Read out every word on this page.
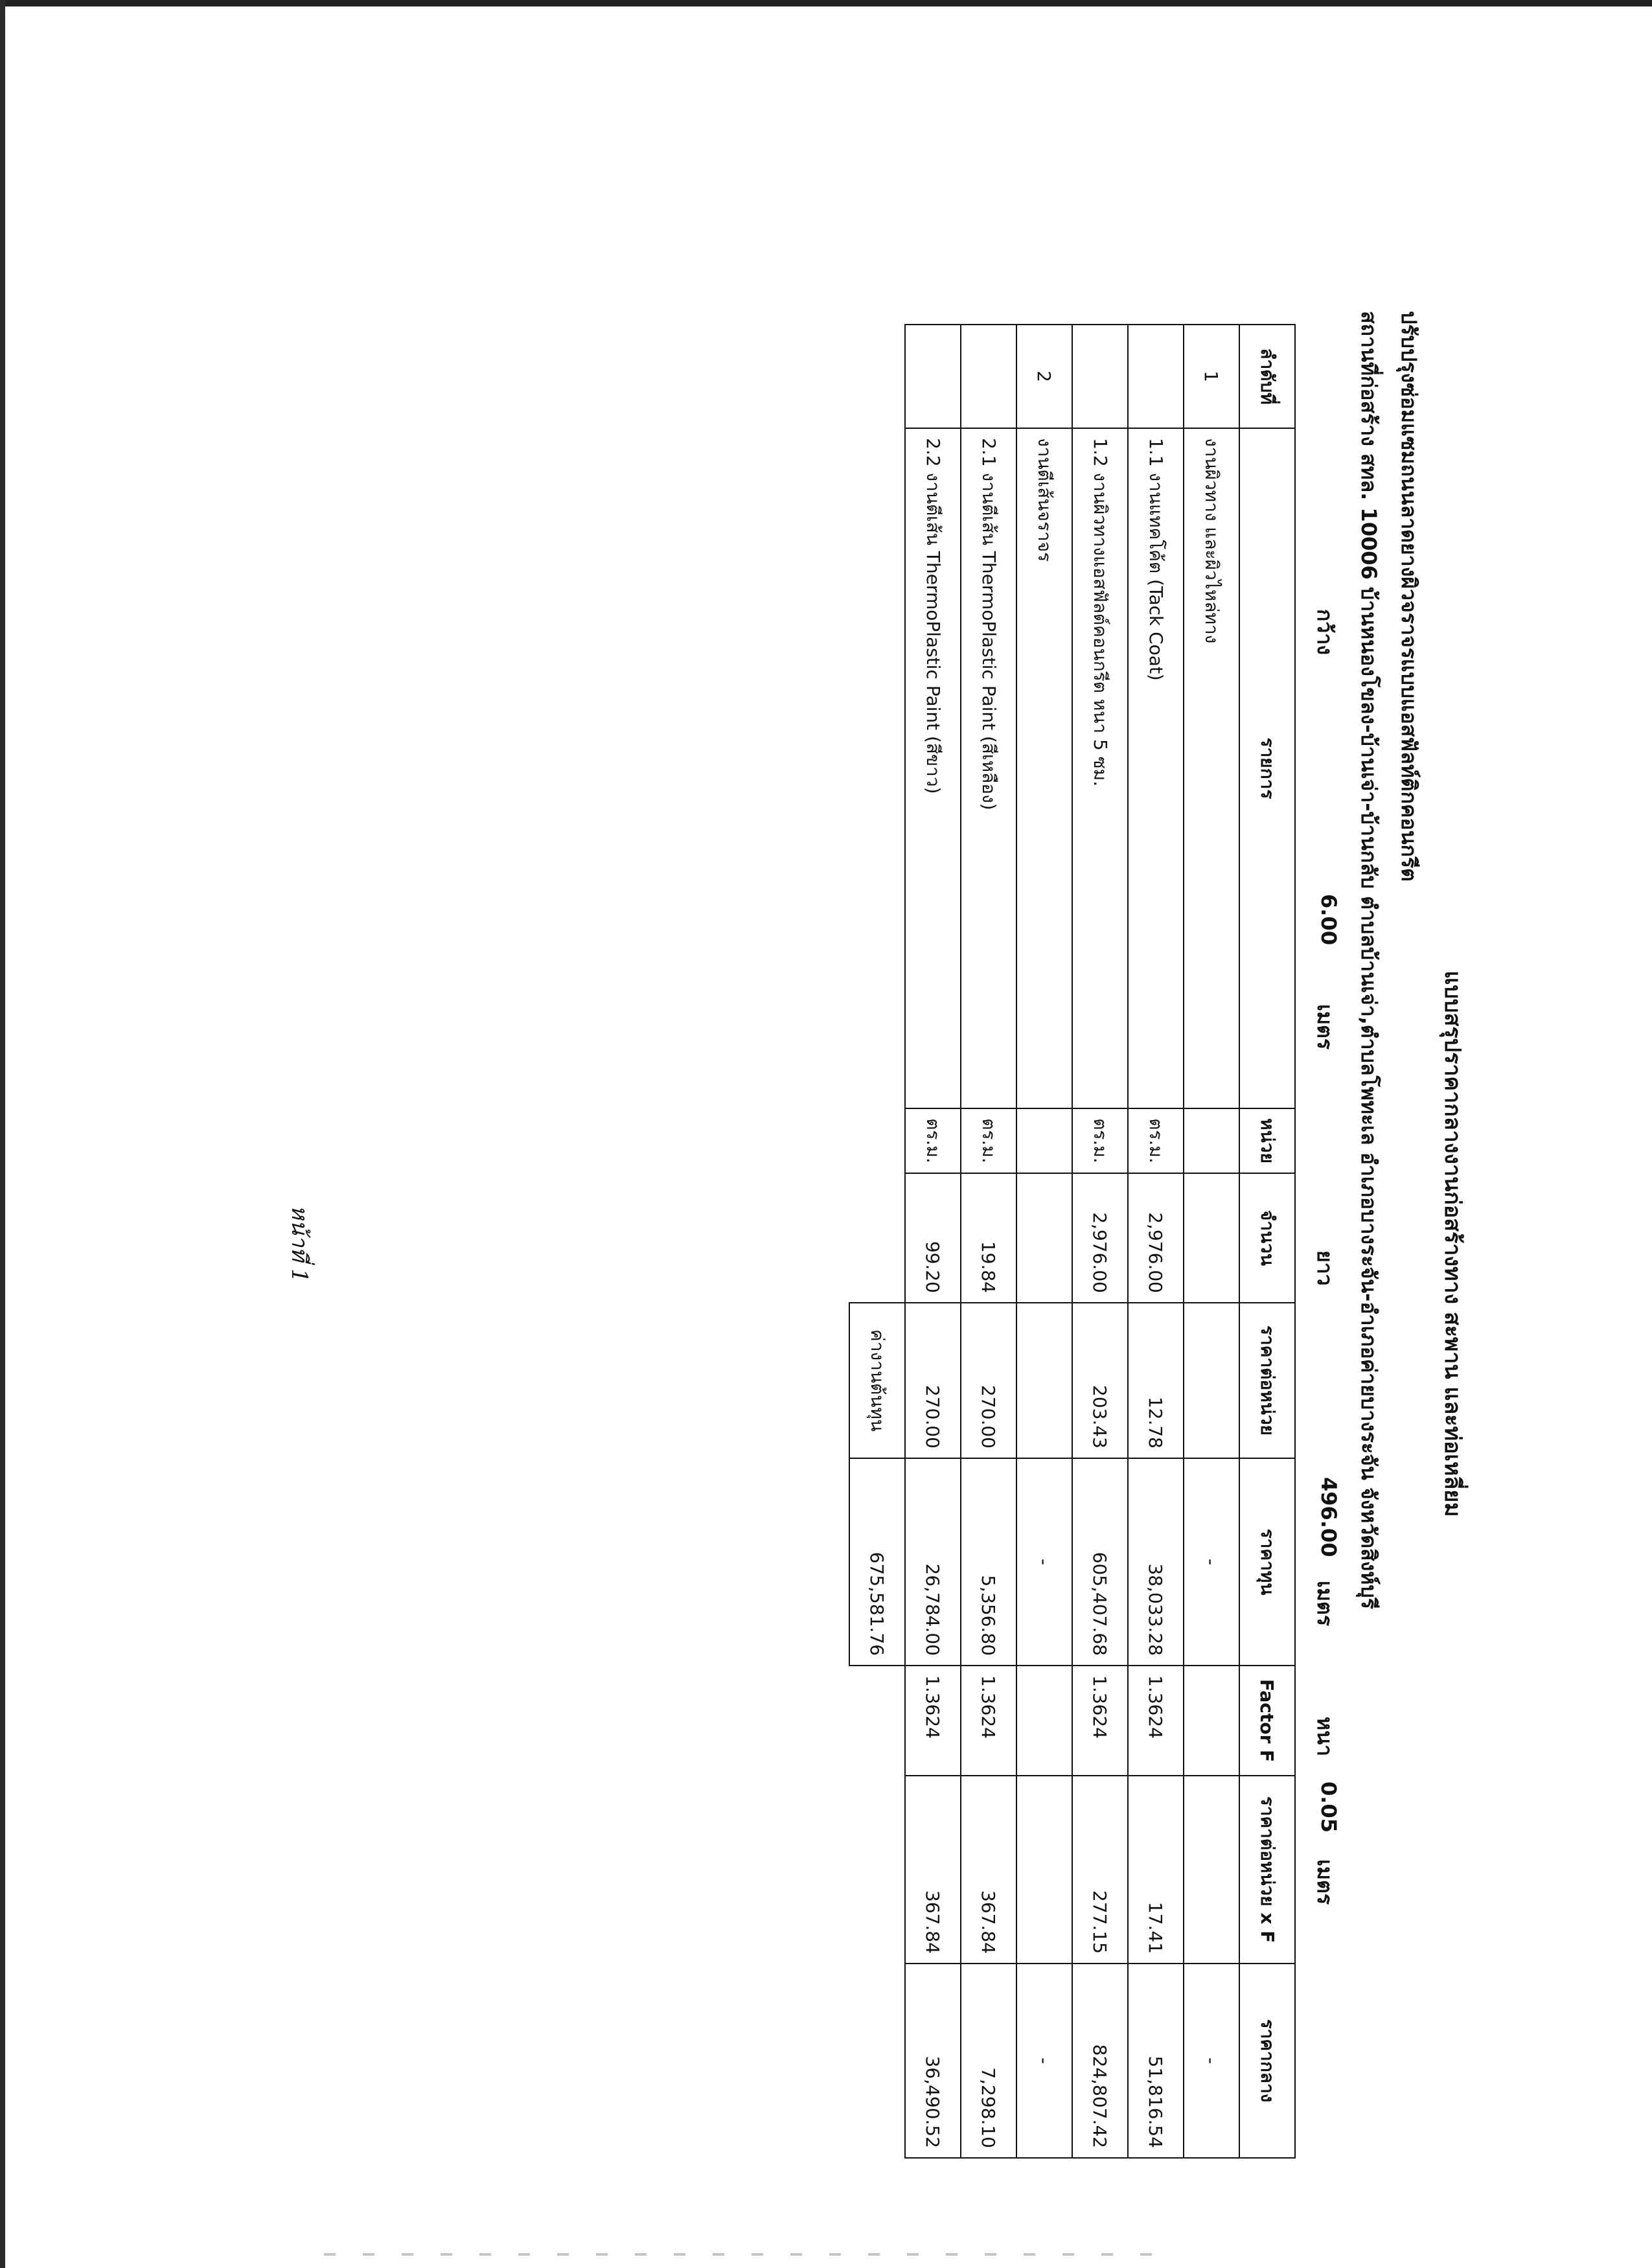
แบบสรุปราคากลางงานก่อสร้างทาง สะพาน และท่อเหลี่ยม
ปรับปรุงซ่อมแซมถนนลาดยางผิวจราจรแบบแอสฟัลท์ติกคอนกรีต
สถานที่ก่อสร้าง สทล. 10006 บ้านหนองโขลง-บ้านเจ่า-บ้านกลับ ตำบลบ้านเจ่า,ตำบลโพทะเล อำเภอบางระจัน-อำเภอค่ายบางระจัน จังหวัดสิงห์บุรี
กว้าง
6.00
เมตร
ยาว
496.00
เมตร
หนา
0.05
เมตร
ลำดับที่	รายการ	หน่วย	จำนวน	ราคาต่อหน่วย	ราคาทุน	Factor F	ราคาต่อหน่วย x F	ราคากลาง
1	งานผิวทาง และผิวไหล่ทาง				-			-
	1.1 งานแทคโค้ต (Tack Coat)	ตร.ม.	2,976.00	12.78	38,033.28	1.3624	17.41	51,816.54
	1.2 งานผิวทางแอสฟัลต์คอนกรีต หนา 5 ซม.	ตร.ม.	2,976.00	203.43	605,407.68	1.3624	277.15	824,807.42
2	งานตีเส้นจราจร				-			-
	2.1 งานตีเส้น ThermoPlastic Paint (สีเหลือง)	ตร.ม.	19.84	270.00	5,356.80	1.3624	367.84	7,298.10
	2.2 งานตีเส้น ThermoPlastic Paint (สีขาว)	ตร.ม.	99.20	270.00	26,784.00	1.3624	367.84	36,490.52
				ค่างานต้นทุน	675,581.76			
หน้าที่ 1
